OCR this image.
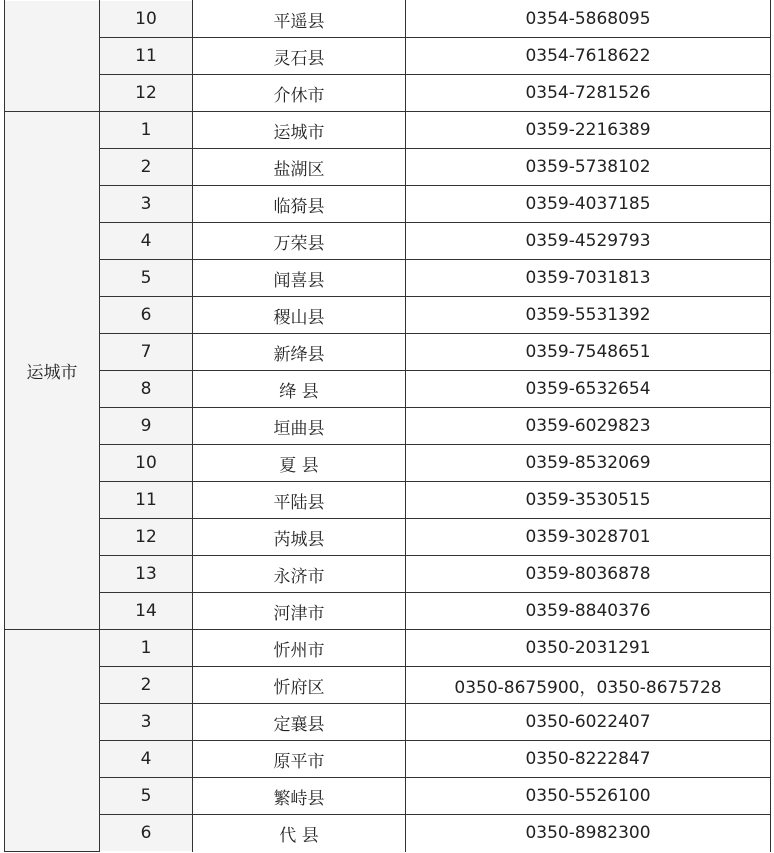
	10	平遥县	0354-5868095
	11	灵石县	0354-7618622
	12	介休市	0354-7281526
运城市	1	运城市	0359-2216389
	2	盐湖区	0359-5738102
	3	临猗县	0359-4037185
	4	万荣县	0359-4529793
	5	闻喜县	0359-7031813
	6	稷山县	0359-5531392
	7	新绛县	0359-7548651
	8	绛 县	0359-6532654
	9	垣曲县	0359-6029823
	10	夏 县	0359-8532069
	11	平陆县	0359-3530515
	12	芮城县	0359-3028701
	13	永济市	0359-8036878
	14	河津市	0359-8840376
	1	忻州市	0350-2031291
	2	忻府区	0350-8675900，0350-8675728
	3	定襄县	0350-6022407
	4	原平市	0350-8222847
	5	繁峙县	0350-5526100
	6	代 县	0350-8982300
